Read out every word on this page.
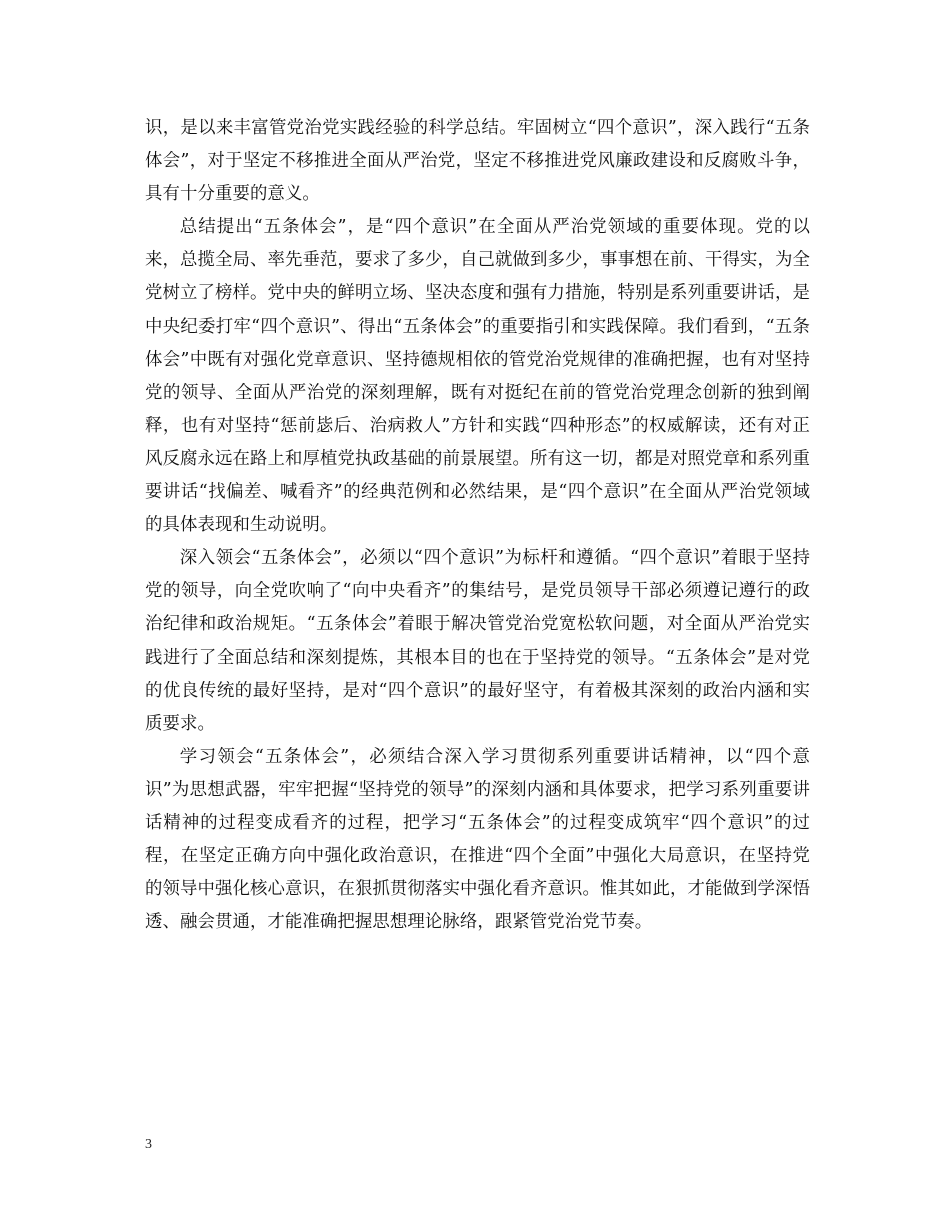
识，是以来丰富管党治党实践经验的科学总结。牢固树立“四个意识”，深入践行“五条体会”，对于坚定不移推进全面从严治党，坚定不移推进党风廉政建设和反腐败斗争，具有十分重要的意义。

总结提出“五条体会”，是“四个意识”在全面从严治党领域的重要体现。党的以来，总揽全局、率先垂范，要求了多少，自己就做到多少，事事想在前、干得实，为全党树立了榜样。党中央的鲜明立场、坚决态度和强有力措施，特别是系列重要讲话，是中央纪委打牢“四个意识”、得出“五条体会”的重要指引和实践保障。我们看到，“五条体会”中既有对强化党章意识、坚持德规相依的管党治党规律的准确把握，也有对坚持党的领导、全面从严治党的深刻理解，既有对挺纪在前的管党治党理念创新的独到阐释，也有对坚持“惩前毖后、治病救人”方针和实践“四种形态”的权威解读，还有对正风反腐永远在路上和厚植党执政基础的前景展望。所有这一切，都是对照党章和系列重要讲话“找偏差、喊看齐”的经典范例和必然结果，是“四个意识”在全面从严治党领域的具体表现和生动说明。

深入领会“五条体会”，必须以“四个意识”为标杆和遵循。“四个意识”着眼于坚持党的领导，向全党吹响了“向中央看齐”的集结号，是党员领导干部必须遵记遵行的政治纪律和政治规矩。“五条体会”着眼于解决管党治党宽松软问题，对全面从严治党实践进行了全面总结和深刻提炼，其根本目的也在于坚持党的领导。“五条体会”是对党的优良传统的最好坚持，是对“四个意识”的最好坚守，有着极其深刻的政治内涵和实质要求。

学习领会“五条体会”，必须结合深入学习贯彻系列重要讲话精神，以“四个意识”为思想武器，牢牢把握“坚持党的领导”的深刻内涵和具体要求，把学习系列重要讲话精神的过程变成看齐的过程，把学习“五条体会”的过程变成筑牢“四个意识”的过程，在坚定正确方向中强化政治意识，在推进“四个全面”中强化大局意识，在坚持党的领导中强化核心意识，在狠抓贯彻落实中强化看齐意识。惟其如此，才能做到学深悟透、融会贯通，才能准确把握思想理论脉络，跟紧管党治党节奏。

3
